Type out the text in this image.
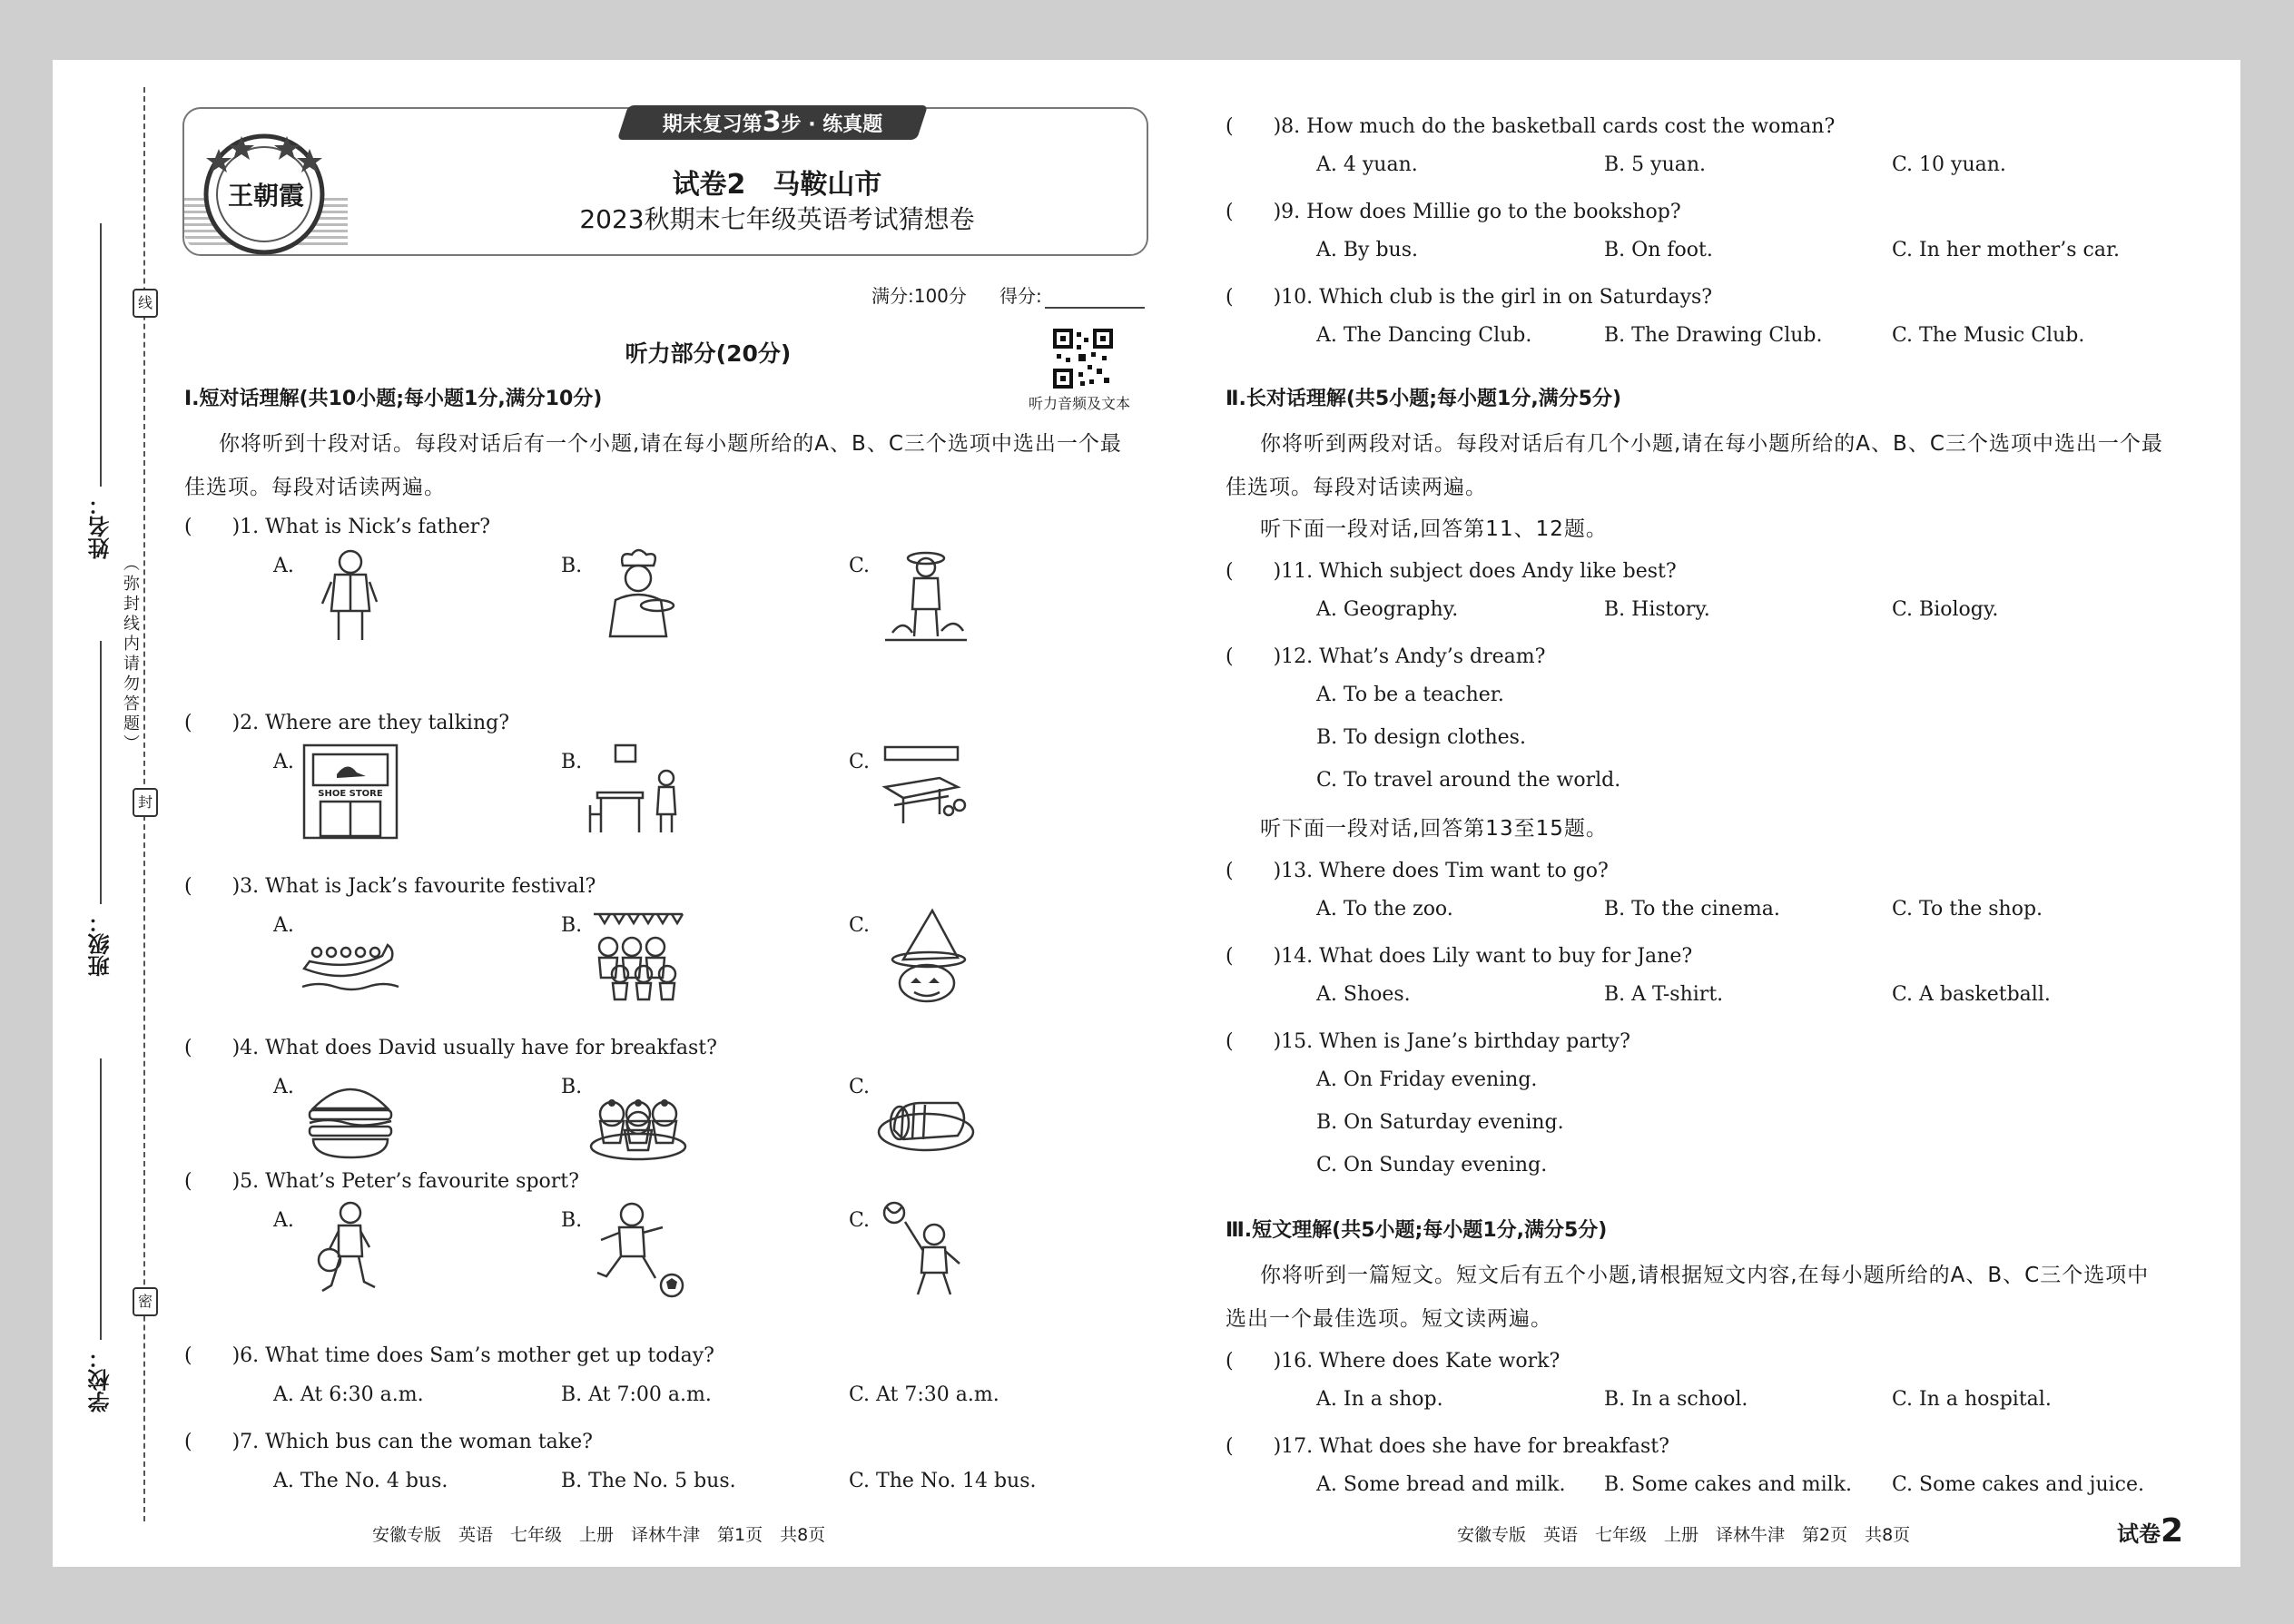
线
封
密
（弥封线内请勿答题）
姓名：
班级：
学校：
王朝霞
期末复习第3步 · 练真题
试卷2　马鞍山市
2023秋期末七年级英语考试猜想卷
满分:100分 得分:
听力音频及文本
听力部分(20分)
Ⅰ.短对话理解(共10小题;每小题1分,满分10分)
你将听到十段对话。每段对话后有一个小题,请在每小题所给的A、B、C三个选项中选出一个最
佳选项。每段对话读两遍。
(　　)1. What is Nick’s father?
A.	B.	C.
(　　)2. Where are they talking?
A.
SHOE STORE
B.	C.
(　　)3. What is Jack’s favourite festival?
A.	B.	C.
(　　)4. What does David usually have for breakfast?
A.	B.	C.
(　　)5. What’s Peter’s favourite sport?
A.	B.	C.
(　　)6. What time does Sam’s mother get up today?
A. At 6:30 a.m.	B. At 7:00 a.m.	C. At 7:30 a.m.
(　　)7. Which bus can the woman take?
A. The No. 4 bus.	B. The No. 5 bus.	C. The No. 14 bus.
安徽专版　英语　七年级　上册　译林牛津　第1页　共8页
(　　)8. How much do the basketball cards cost the woman?
A. 4 yuan.	B. 5 yuan.	C. 10 yuan.
(　　)9. How does Millie go to the bookshop?
A. By bus.	B. On foot.	C. In her mother’s car.
(　　)10. Which club is the girl in on Saturdays?
A. The Dancing Club.	B. The Drawing Club.	C. The Music Club.
Ⅱ.长对话理解(共5小题;每小题1分,满分5分)
你将听到两段对话。每段对话后有几个小题,请在每小题所给的A、B、C三个选项中选出一个最
佳选项。每段对话读两遍。
听下面一段对话,回答第11、12题。
(　　)11. Which subject does Andy like best?
A. Geography.	B. History.	C. Biology.
(　　)12. What’s Andy’s dream?
A. To be a teacher.
B. To design clothes.
C. To travel around the world.
听下面一段对话,回答第13至15题。
(　　)13. Where does Tim want to go?
A. To the zoo.	B. To the cinema.	C. To the shop.
(　　)14. What does Lily want to buy for Jane?
A. Shoes.	B. A T-shirt.	C. A basketball.
(　　)15. When is Jane’s birthday party?
A. On Friday evening.
B. On Saturday evening.
C. On Sunday evening.
Ⅲ.短文理解(共5小题;每小题1分,满分5分)
你将听到一篇短文。短文后有五个小题,请根据短文内容,在每小题所给的A、B、C三个选项中
选出一个最佳选项。短文读两遍。
(　　)16. Where does Kate work?
A. In a shop.	B. In a school.	C. In a hospital.
(　　)17. What does she have for breakfast?
A. Some bread and milk. B. Some cakes and milk. C. Some cakes and juice.
安徽专版　英语　七年级　上册　译林牛津　第2页　共8页	试卷2
